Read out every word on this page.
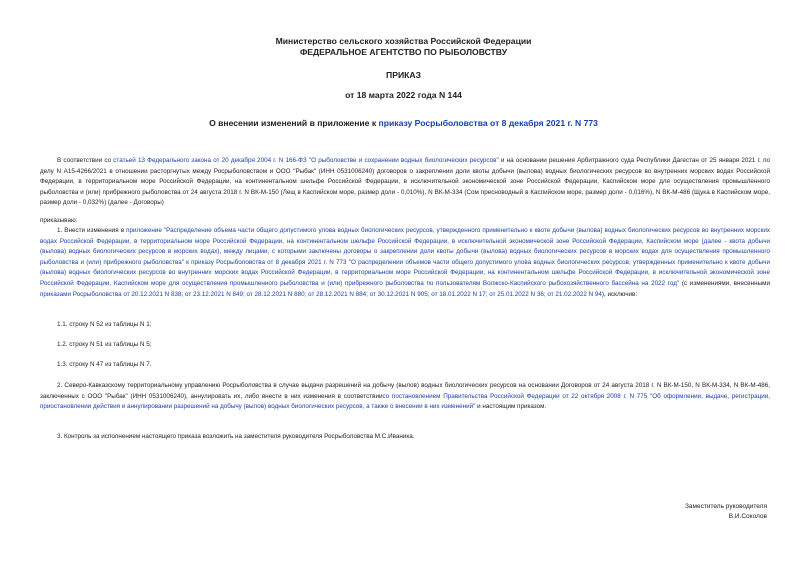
Министерство сельского хозяйства Российской Федерации
ФЕДЕРАЛЬНОЕ АГЕНТСТВО ПО РЫБОЛОВСТВУ
ПРИКАЗ
от 18 марта 2022 года N 144
О внесении изменений в приложение к приказу Росрыболовства от 8 декабря 2021 г. N 773
В соответствии со статьей 13 Федерального закона от 20 декабря 2004 г. N 166-ФЗ "О рыболовстве и сохранении водных биологических ресурсов" и на основании решения Арбитражного суда Республики Дагестан от 25 января 2021 г. по делу N А15-4266/2021 в отношении расторгнутых между Росрыболовством и ООО "Рыбак" (ИНН 0531006240) договоров о закреплении доли квоты добычи (вылова) водных биологических ресурсов во внутренних морских водах Российской Федерации, в территориальном море Российской Федерации, на континентальном шельфе Российской Федерации, в исключительной экономической зоне Российской Федерации, Каспийском море для осуществления промышленного рыболовства и (или) прибрежного рыболовства от 24 августа 2018 г. N ВК-М-150 (Лещ в Каспийском море, размер доли - 0,010%), N ВК-М-334 (Сом пресноводный в Каспийском море, размер доли - 0,016%), N ВК-М-486 (Щука в Каспийском море, размер доли - 0,032%) (далее - Договоры)
приказываю:
1. Внести изменения в приложение "Распределение объема части общего допустимого улова водных биологических ресурсов, утвержденного применительно к квоте добычи (вылова) водных биологических ресурсов во внутренних морских водах Российской Федерации, в территориальном море Российской Федерации, на континентальном шельфе Российской Федерации, в исключительной экономической зоне Российской Федерации, Каспийском море (далее - квота добычи (вылова) водных биологических ресурсов в морских водах), между лицами, с которыми заключены договоры о закреплении доли квоты добычи (вылова) водных биологических ресурсов в морских водах для осуществления промышленного рыболовства и (или) прибрежного рыболовства" к приказу Росрыболовства от 8 декабря 2021 г. N 773 "О распределении объемов части общего допустимого улова водных биологических ресурсов, утвержденных применительно к квоте добычи (вылова) водных биологических ресурсов во внутренних морских водах Российской Федерации, в территориальном море Российской Федерации, на континентальном шельфе Российской Федерации, в исключительной экономической зоне Российской Федерации, Каспийском море для осуществления промышленного рыболовства и (или) прибрежного рыболовства по пользователям Волжско-Каспийского рыбохозяйственного бассейна на 2022 год" (с изменениями, внесенными приказами Росрыболовства от 20.12.2021 N 838; от 23.12.2021 N 849; от 28.12.2021 N 880; от 28.12.2021 N 884; от 30.12.2021 N 905; от 18.01.2022 N 17; от 25.01.2022 N 36; от 21.02.2022 N 94), исключив:
1.1. строку N 52 из таблицы N 1;
1.2. строку N 51 из таблицы N 5;
1.3. строку N 47 из таблицы N 7.
2. Северо-Кавказскому территориальному управлению Росрыболовства в случае выдачи разрешений на добычу (вылов) водных биологических ресурсов на основании Договоров от 24 августа 2018 г. N ВК-М-150, N ВК-М-334, N ВК-М-486, заключенных с ООО "Рыбак" (ИНН 0531006240), аннулировать их, либо внести в них изменения в соответствиисо постановлением Правительства Российской Федерации от 22 октября 2008 г. N 775 "Об оформлении, выдаче, регистрации, приостановлении действия и аннулировании разрешений на добычу (вылов) водных биологических ресурсов, а также о внесении в них изменений" и настоящим приказом.
3. Контроль за исполнением настоящего приказа возложить на заместителя руководителя Росрыболовства М.С.Иваника.
Заместитель руководителя
В.И.Соколов
